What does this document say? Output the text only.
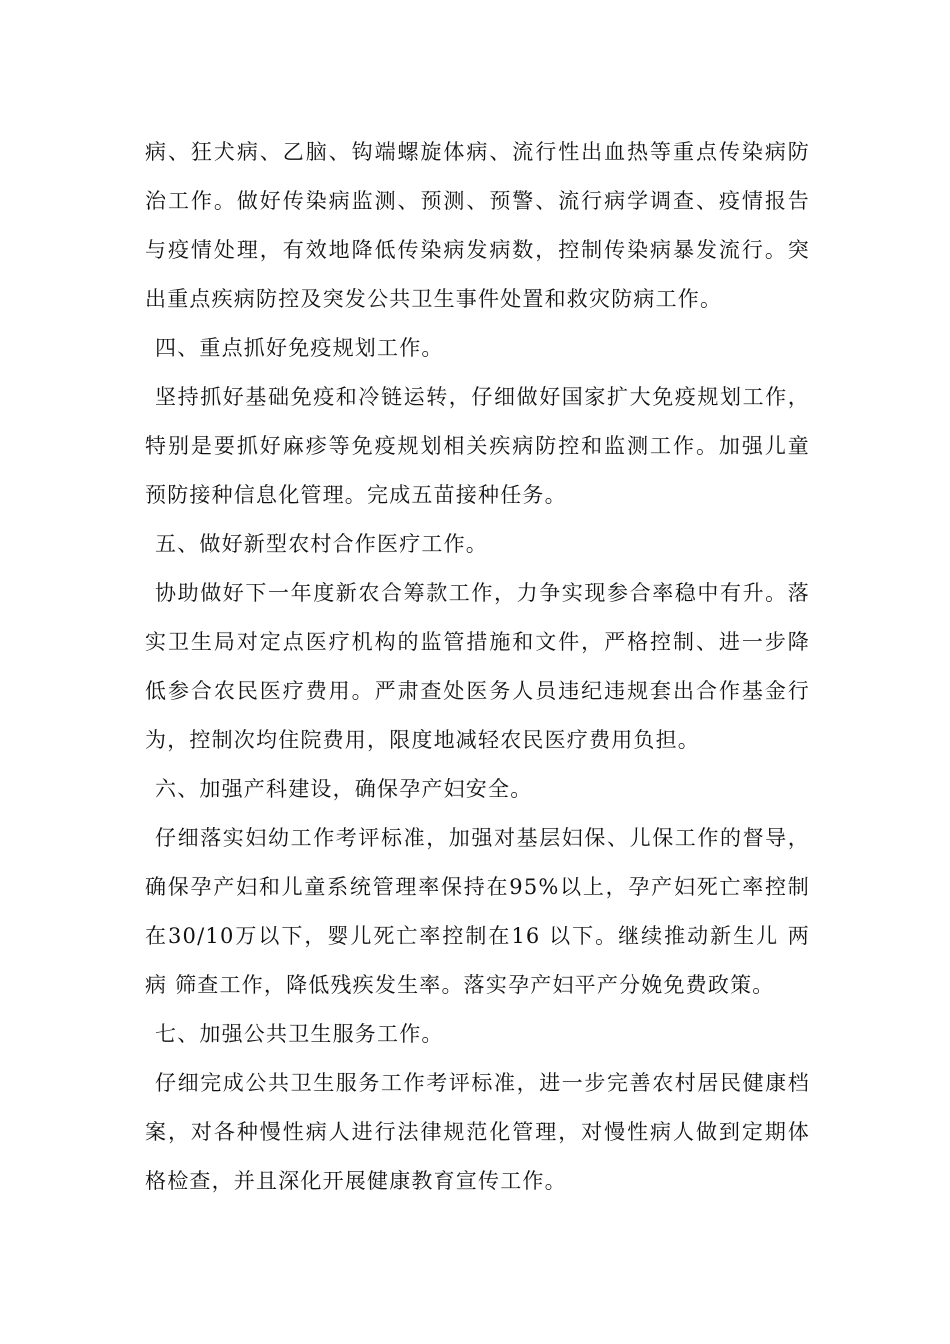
病、狂犬病、乙脑、钩端螺旋体病、流行性出血热等重点传染病防治工作。做好传染病监测、预测、预警、流行病学调查、疫情报告与疫情处理，有效地降低传染病发病数，控制传染病暴发流行。突出重点疾病防控及突发公共卫生事件处置和救灾防病工作。

四、重点抓好免疫规划工作。

坚持抓好基础免疫和冷链运转，仔细做好国家扩大免疫规划工作，特别是要抓好麻疹等免疫规划相关疾病防控和监测工作。加强儿童预防接种信息化管理。完成五苗接种任务。

五、做好新型农村合作医疗工作。

协助做好下一年度新农合筹款工作，力争实现参合率稳中有升。落实卫生局对定点医疗机构的监管措施和文件，严格控制、进一步降低参合农民医疗费用。严肃查处医务人员违纪违规套出合作基金行为，控制次均住院费用，限度地减轻农民医疗费用负担。

六、加强产科建设，确保孕产妇安全。

仔细落实妇幼工作考评标准，加强对基层妇保、儿保工作的督导，确保孕产妇和儿童系统管理率保持在95%以上，孕产妇死亡率控制在30/10万以下，婴儿死亡率控制在16 以下。继续推动新生儿 两病 筛查工作，降低残疾发生率。落实孕产妇平产分娩免费政策。

七、加强公共卫生服务工作。

仔细完成公共卫生服务工作考评标准，进一步完善农村居民健康档案，对各种慢性病人进行法律规范化管理，对慢性病人做到定期体格检查，并且深化开展健康教育宣传工作。
